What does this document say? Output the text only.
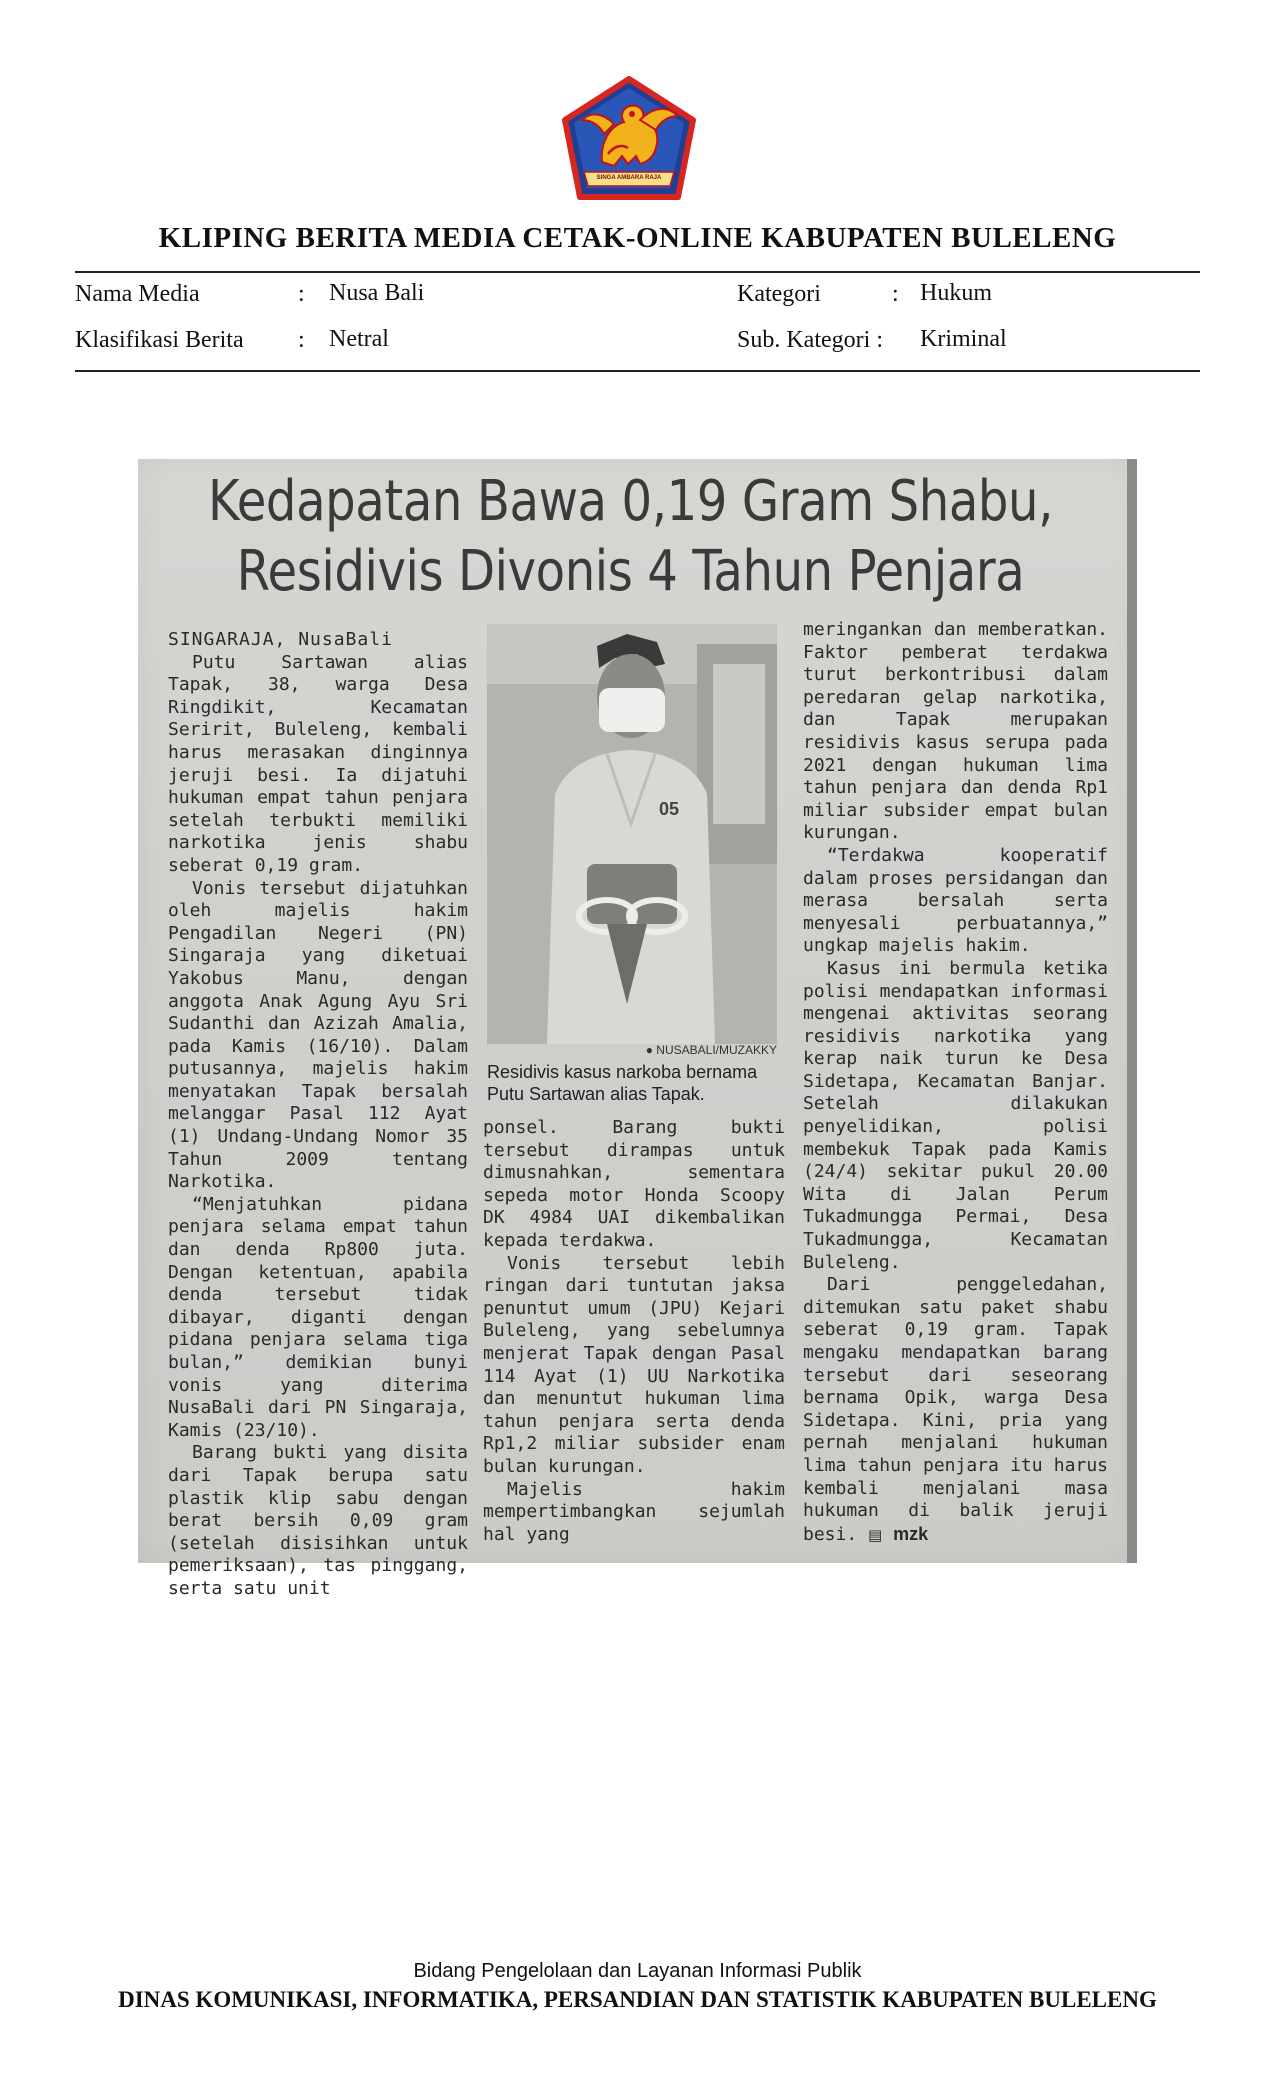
SINGA AMBARA RAJA
KLIPING BERITA MEDIA CETAK-ONLINE KABUPATEN BULELENG
Nama Media	: Nusa Bali	Kategori	: Hukum
Klasifikasi Berita : Netral	Sub. Kategori : Kriminal
Kedapatan Bawa 0,19 Gram Shabu,
Residivis Divonis 4 Tahun Penjara

SINGARAJA, NusaBali

Putu Sartawan alias Tapak, 38, warga Desa Ringdikit, Kecamatan Seririt, Buleleng, kembali harus merasakan dinginnya jeruji besi. Ia dijatuhi hukuman empat tahun penjara setelah terbukti memiliki narkotika jenis shabu seberat 0,19 gram.

Vonis tersebut dijatuhkan oleh majelis hakim Pengadilan Negeri (PN) Singaraja yang diketuai Yakobus Manu, dengan anggota Anak Agung Ayu Sri Sudanthi dan Azizah Amalia, pada Kamis (16/10). Dalam putusannya, majelis hakim menyatakan Tapak bersalah melanggar Pasal 112 Ayat (1) Undang-Undang Nomor 35 Tahun 2009 tentang Narkotika.

“Menjatuhkan pidana penjara selama empat tahun dan denda Rp800 juta. Dengan ketentuan, apabila denda tersebut tidak dibayar, diganti dengan pidana penjara selama tiga bulan,” demikian bunyi vonis yang diterima NusaBali dari PN Singaraja, Kamis (23/10).

Barang bukti yang disita dari Tapak berupa satu plastik klip sabu dengan berat bersih 0,09 gram (setelah disisihkan untuk pemeriksaan), tas pinggang, serta satu unit

05
● NUSABALI/MUZAKKY
Residivis kasus narkoba bernama Putu Sartawan alias Tapak.

ponsel. Barang bukti tersebut dirampas untuk dimusnahkan, sementara sepeda motor Honda Scoopy DK 4984 UAI dikembalikan kepada terdakwa.

Vonis tersebut lebih ringan dari tuntutan jaksa penuntut umum (JPU) Kejari Buleleng, yang sebelumnya menjerat Tapak dengan Pasal 114 Ayat (1) UU Narkotika dan menuntut hukuman lima tahun penjara serta denda Rp1,2 miliar subsider enam bulan kurungan.

Majelis hakim mempertimbangkan sejumlah hal yang

meringankan dan memberatkan. Faktor pemberat terdakwa turut berkontribusi dalam peredaran gelap narkotika, dan Tapak merupakan residivis kasus serupa pada 2021 dengan hukuman lima tahun penjara dan denda Rp1 miliar subsider empat bulan kurungan.

“Terdakwa kooperatif dalam proses persidangan dan merasa bersalah serta menyesali perbuatannya,” ungkap majelis hakim.

Kasus ini bermula ketika polisi mendapatkan informasi mengenai aktivitas seorang residivis narkotika yang kerap naik turun ke Desa Sidetapa, Kecamatan Banjar. Setelah dilakukan penyelidikan, polisi membekuk Tapak pada Kamis (24/4) sekitar pukul 20.00 Wita di Jalan Perum Tukadmungga Permai, Desa Tukadmungga, Kecamatan Buleleng.

Dari penggeledahan, ditemukan satu paket shabu seberat 0,19 gram. Tapak mengaku mendapatkan barang tersebut dari seseorang bernama Opik, warga Desa Sidetapa. Kini, pria yang pernah menjalani hukuman lima tahun penjara itu harus kembali menjalani masa hukuman di balik jeruji besi. ▤ mzk

Bidang Pengelolaan dan Layanan Informasi Publik
DINAS KOMUNIKASI, INFORMATIKA, PERSANDIAN DAN STATISTIK KABUPATEN BULELENG
